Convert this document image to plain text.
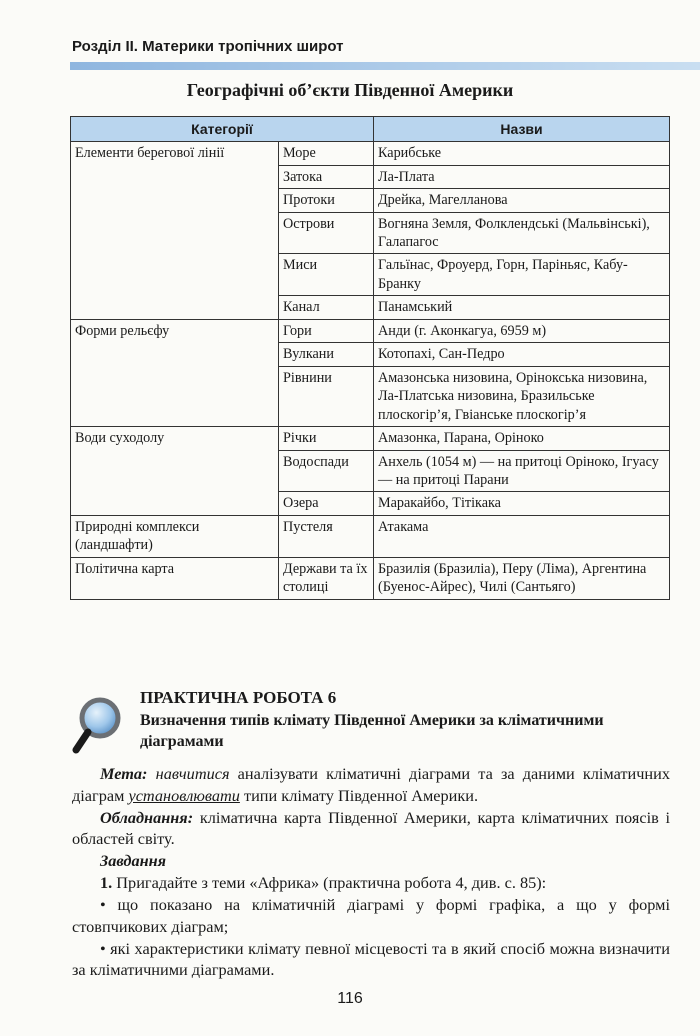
Розділ ІІ. Материки тропічних широт
Географічні об’єкти Південної Америки
Категорії		Назви
Елементи берегової лінії	Море	Карибське
	Затока	Ла-Плата
	Протоки	Дрейка, Магелланова
	Острови	Вогняна Земля, Фолклендські (Мальвінські), Галапагос
	Миси	Гальїнас, Фроуерд, Горн, Паріньяс, Кабу-Бранку
	Канал	Панамський
Форми рельєфу	Гори	Анди (г. Аконкагуа, 6959 м)
	Вулкани	Котопахі, Сан-Педро
	Рівнини	Амазонська низовина, Орінокська низовина, Ла-Платська низовина, Бразильське плоскогір’я, Гвіанське плоскогір’я
Води суходолу	Річки	Амазонка, Парана, Оріноко
	Водоспади	Анхель (1054 м) — на притоці Оріноко, Ігуасу — на притоці Парани
	Озера	Маракайбо, Тітікака
Природні комплекси (ландшафти)	Пустеля	Атакама
Політична карта	Держави та їх столиці	Бразилія (Бразиліа), Перу (Ліма), Аргентина (Буенос-Айрес), Чилі (Сантьяго)
ПРАКТИЧНА РОБОТА 6
Визначення типів клімату Південної Америки за кліматичними діаграмами

Мета: навчитися аналізувати кліматичні діаграми та за даними кліматичних діаграм установлювати типи клімату Південної Америки.

Обладнання: кліматична карта Південної Америки, карта кліматичних поясів і областей світу.

Завдання

1. Пригадайте з теми «Африка» (практична робота 4, див. с. 85):

• що показано на кліматичній діаграмі у формі графіка, а що у формі стовпчикових діаграм;

• які характеристики клімату певної місцевості та в який спосіб можна визначити за кліматичними діаграмами.

116
